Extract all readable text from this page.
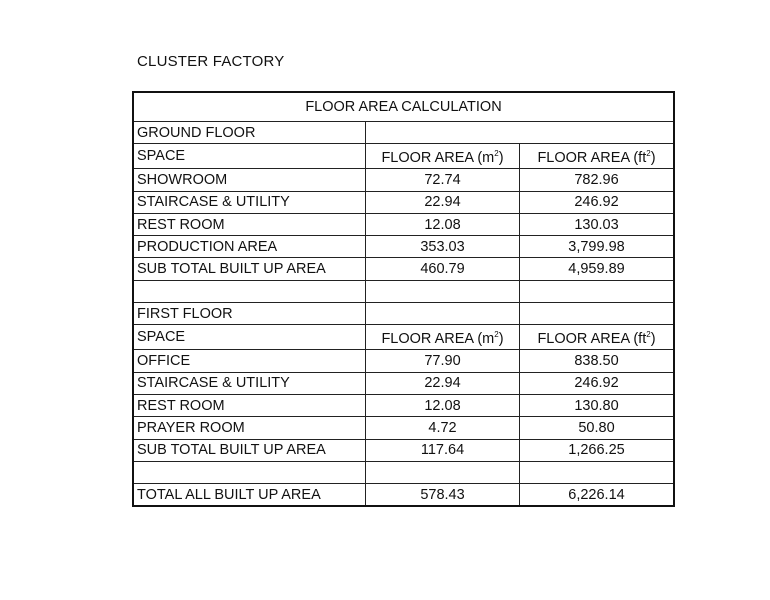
CLUSTER FACTORY
FLOOR AREA CALCULATION		
GROUND FLOOR		
SPACE	FLOOR AREA $(m^2)$	FLOOR AREA $(ft^2)$
SHOWROOM	72.74	782.96
STAIRCASE & UTILITY	22.94	246.92
REST ROOM	12.08	130.03
PRODUCTION AREA	353.03	3,799.98
SUB TOTAL BUILT UP AREA	460.79	4,959.89

FIRST FLOOR		
SPACE	FLOOR AREA $(m^2)$	FLOOR AREA $(ft^2)$
OFFICE	77.90	838.50
STAIRCASE & UTILITY	22.94	246.92
REST ROOM	12.08	130.80
PRAYER ROOM	4.72	50.80
SUB TOTAL BUILT UP AREA	117.64	1,266.25

TOTAL ALL BUILT UP AREA	578.43	6,226.14
